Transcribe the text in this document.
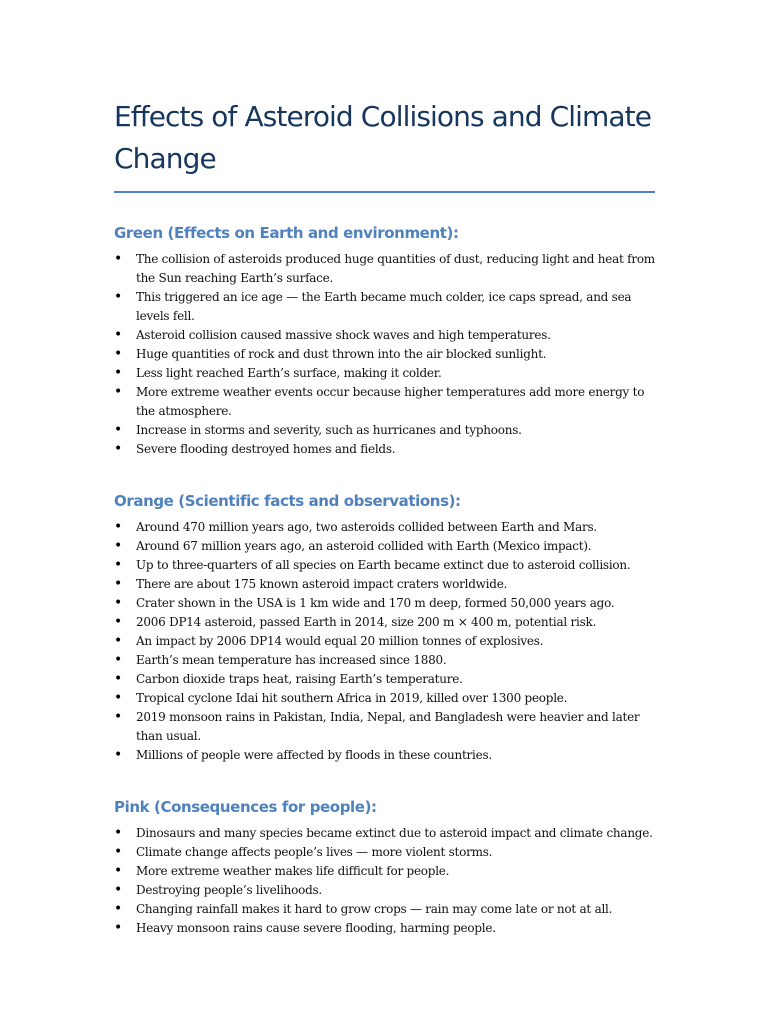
Effects of Asteroid Collisions and Climate Change
Green (Effects on Earth and environment):
• The collision of asteroids produced huge quantities of dust, reducing light and heat from the Sun reaching Earth’s surface.
• This triggered an ice age — the Earth became much colder, ice caps spread, and sea levels fell.
• Asteroid collision caused massive shock waves and high temperatures.
• Huge quantities of rock and dust thrown into the air blocked sunlight.
• Less light reached Earth’s surface, making it colder.
• More extreme weather events occur because higher temperatures add more energy to the atmosphere.
• Increase in storms and severity, such as hurricanes and typhoons.
• Severe flooding destroyed homes and fields.
Orange (Scientific facts and observations):
• Around 470 million years ago, two asteroids collided between Earth and Mars.
• Around 67 million years ago, an asteroid collided with Earth (Mexico impact).
• Up to three-quarters of all species on Earth became extinct due to asteroid collision.
• There are about 175 known asteroid impact craters worldwide.
• Crater shown in the USA is 1 km wide and 170 m deep, formed 50,000 years ago.
• 2006 DP14 asteroid, passed Earth in 2014, size 200 m × 400 m, potential risk.
• An impact by 2006 DP14 would equal 20 million tonnes of explosives.
• Earth’s mean temperature has increased since 1880.
• Carbon dioxide traps heat, raising Earth’s temperature.
• Tropical cyclone Idai hit southern Africa in 2019, killed over 1300 people.
• 2019 monsoon rains in Pakistan, India, Nepal, and Bangladesh were heavier and later than usual.
• Millions of people were affected by floods in these countries.
Pink (Consequences for people):
• Dinosaurs and many species became extinct due to asteroid impact and climate change.
• Climate change affects people’s lives — more violent storms.
• More extreme weather makes life difficult for people.
• Destroying people’s livelihoods.
• Changing rainfall makes it hard to grow crops — rain may come late or not at all.
• Heavy monsoon rains cause severe flooding, harming people.
